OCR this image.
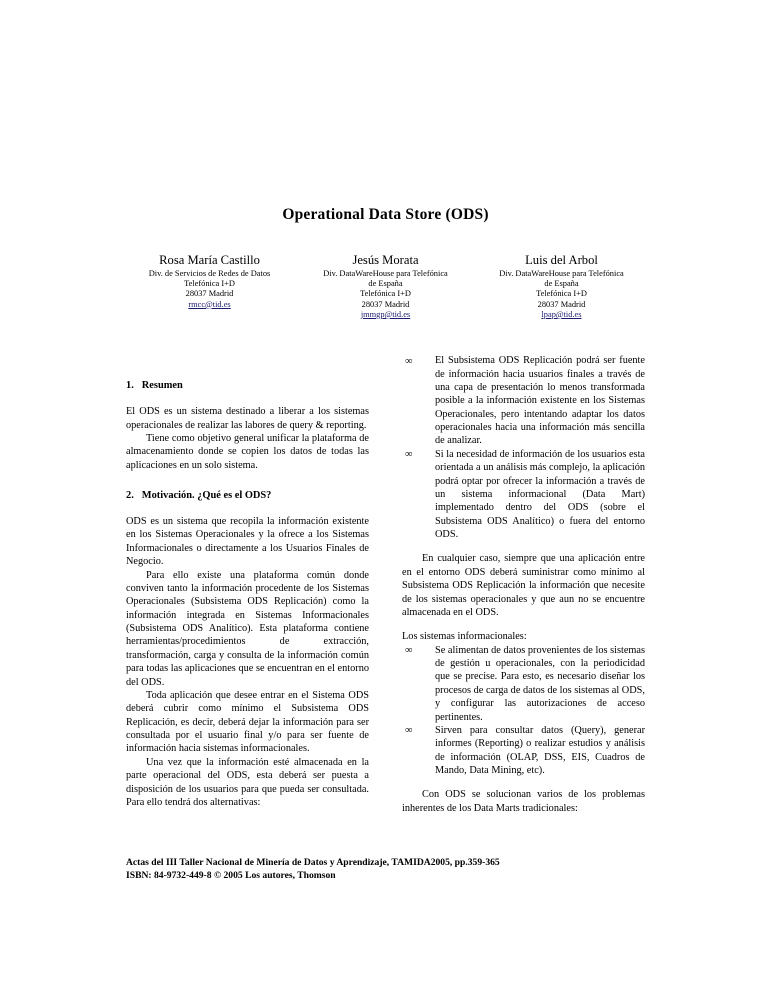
Operational Data Store (ODS)
Rosa María Castillo
Div. de Servicios de Redes de Datos
Telefónica I+D
28037 Madrid
rmcc@tid.es
Jesús Morata
Div. DataWareHouse para Telefónica
de España
Telefónica I+D
28037 Madrid
jmmgp@tid.es
Luis del Arbol
Div. DataWareHouse para Telefónica
de España
Telefónica I+D
28037 Madrid
lpap@tid.es
1. Resumen

El ODS es un sistema destinado a liberar a los sistemas operacionales de realizar las labores de query & reporting.

Tiene como objetivo general unificar la plataforma de almacenamiento donde se copien los datos de todas las aplicaciones en un solo sistema.

2. Motivación. ¿Qué es el ODS?

ODS es un sistema que recopila la información existente en los Sistemas Operacionales y la ofrece a los Sistemas Informacionales o directamente a los Usuarios Finales de Negocio.

Para ello existe una plataforma común donde conviven tanto la información procedente de los Sistemas Operacionales (Subsistema ODS Replicación) como la información integrada en Sistemas Informacionales (Subsistema ODS Analítico). Esta plataforma contiene herramientas/procedimientos de extracción, transformación, carga y consulta de la información común para todas las aplicaciones que se encuentran en el entorno del ODS.

Toda aplicación que desee entrar en el Sistema ODS deberá cubrir como mínimo el Subsistema ODS Replicación, es decir, deberá dejar la información para ser consultada por el usuario final y/o para ser fuente de información hacia sistemas informacionales.

Una vez que la información esté almacenada en la parte operacional del ODS, esta deberá ser puesta a disposición de los usuarios para que pueda ser consultada. Para ello tendrá dos alternativas:

∞ El Subsistema ODS Replicación podrá ser fuente de información hacia usuarios finales a través de una capa de presentación lo menos transformada posible a la información existente en los Sistemas Operacionales, pero intentando adaptar los datos operacionales hacia una información más sencilla de analizar.
∞ Si la necesidad de información de los usuarios esta orientada a un análisis más complejo, la aplicación podrá optar por ofrecer la información a través de un sistema informacional (Data Mart) implementado dentro del ODS (sobre el Subsistema ODS Analítico) o fuera del entorno ODS.

En cualquier caso, siempre que una aplicación entre en el entorno ODS deberá suministrar como mínimo al Subsistema ODS Replicación la información que necesite de los sistemas operacionales y que aun no se encuentre almacenada en el ODS.

Los sistemas informacionales:

∞ Se alimentan de datos provenientes de los sistemas de gestión u operacionales, con la periodicidad que se precise. Para esto, es necesario diseñar los procesos de carga de datos de los sistemas al ODS, y configurar las autorizaciones de acceso pertinentes.
∞ Sirven para consultar datos (Query), generar informes (Reporting) o realizar estudios y análisis de información (OLAP, DSS, EIS, Cuadros de Mando, Data Mining, etc).

Con ODS se solucionan varios de los problemas inherentes de los Data Marts tradicionales:

Actas del III Taller Nacional de Minería de Datos y Aprendizaje, TAMIDA2005, pp.359-365
ISBN: 84-9732-449-8 © 2005 Los autores, Thomson
